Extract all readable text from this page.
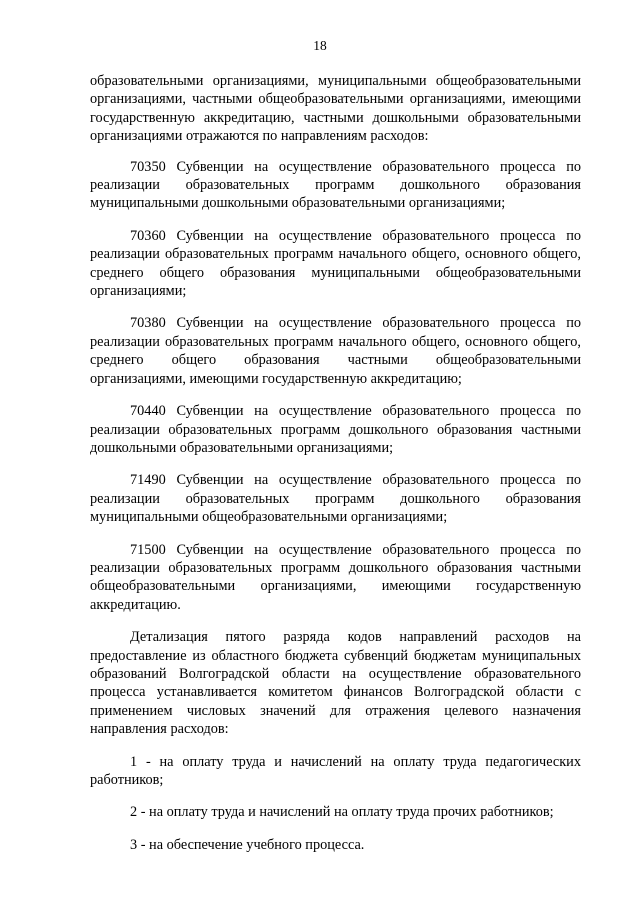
18

образовательными организациями, муниципальными общеобразовательными организациями, частными общеобразовательными организациями, имеющими государственную аккредитацию, частными дошкольными образовательными организациями отражаются по направлениям расходов:

70350 Субвенции на осуществление образовательного процесса по реализации образовательных программ дошкольного образования муниципальными дошкольными образовательными организациями;

70360 Субвенции на осуществление образовательного процесса по реализации образовательных программ начального общего, основного общего, среднего общего образования муниципальными общеобразовательными организациями;

70380 Субвенции на осуществление образовательного процесса по реализации образовательных программ начального общего, основного общего, среднего общего образования частными общеобразовательными организациями, имеющими государственную аккредитацию;

70440 Субвенции на осуществление образовательного процесса по реализации образовательных программ дошкольного образования частными дошкольными образовательными организациями;

71490 Субвенции на осуществление образовательного процесса по реализации образовательных программ дошкольного образования муниципальными общеобразовательными организациями;

71500 Субвенции на осуществление образовательного процесса по реализации образовательных программ дошкольного образования частными общеобразовательными организациями, имеющими государственную аккредитацию.

Детализация пятого разряда кодов направлений расходов на предоставление из областного бюджета субвенций бюджетам муниципальных образований Волгоградской области на осуществление образовательного процесса устанавливается комитетом финансов Волгоградской области с применением числовых значений для отражения целевого назначения направления расходов:

1 - на оплату труда и начислений на оплату труда педагогических работников;

2 - на оплату труда и начислений на оплату труда прочих работников;

3 - на обеспечение учебного процесса.
